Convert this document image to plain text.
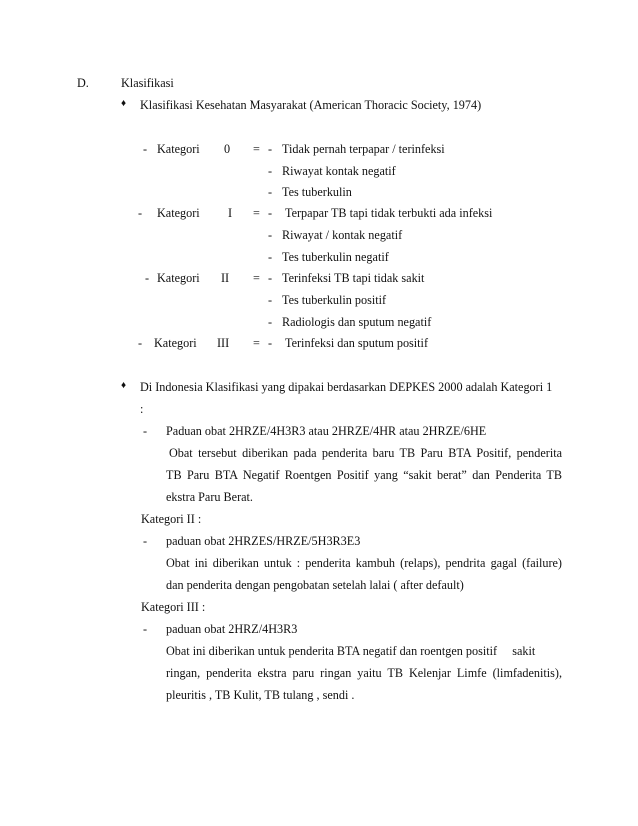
D.	Klasifikasi
♦ Klasifikasi Kesehatan Masyarakat (American Thoracic Society, 1974)
- Kategori 0 = - Tidak pernah terpapar / terinfeksi
- Riwayat kontak negatif
- Tes tuberkulin
- Kategori I = - Terpapar TB tapi tidak terbukti ada infeksi
- Riwayat / kontak negatif
- Tes tuberkulin negatif
- Kategori II = - Terinfeksi TB tapi tidak sakit
- Tes tuberkulin positif
- Radiologis dan sputum negatif
- Kategori III = - Terinfeksi dan sputum positif
♦ Di Indonesia Klasifikasi yang dipakai berdasarkan DEPKES 2000 adalah Kategori 1
:
- Paduan obat 2HRZE/4H3R3 atau 2HRZE/4HR atau 2HRZE/6HE
Obat tersebut diberikan pada penderita baru TB Paru BTA Positif, penderita
TB Paru BTA Negatif Roentgen Positif yang “sakit berat” dan Penderita TB
ekstra Paru Berat.
Kategori II :
- paduan obat 2HRZES/HRZE/5H3R3E3
Obat ini diberikan untuk : penderita kambuh (relaps), pendrita gagal (failure)
dan penderita dengan pengobatan setelah lalai ( after default)
Kategori III :
- paduan obat 2HRZ/4H3R3
Obat ini diberikan untuk penderita BTA negatif dan roentgen positif     sakit
ringan, penderita ekstra paru ringan yaitu TB Kelenjar Limfe (limfadenitis),
pleuritis , TB Kulit, TB tulang , sendi .
